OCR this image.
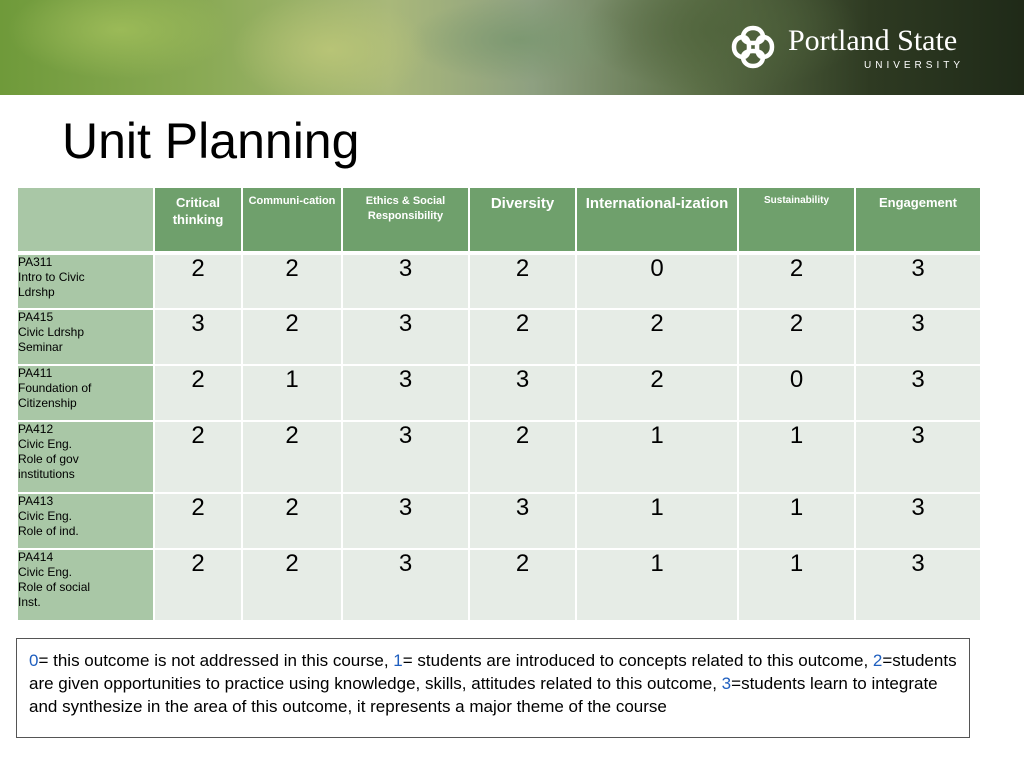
Portland State
UNIVERSITY
Unit Planning
	Critical thinking	Communi-cation	Ethics & Social Responsibility	Diversity	International-ization	Sustainability	Engagement

PA311
Intro to Civic
Ldrshp	2	2	3	2	0	2	3

PA415
Civic Ldrshp
Seminar	3	2	3	2	2	2	3

PA411
Foundation of
Citizenship	2	1	3	3	2	0	3

PA412
Civic Eng.
Role of gov
institutions	2	2	3	2	1	1	3

PA413
Civic Eng.
Role of ind.	2	2	3	3	1	1	3

PA414
Civic Eng.
Role of social
Inst.	2	2	3	2	1	1	3
0= this outcome is not addressed in this course, 1= students are introduced to concepts related to this outcome, 2=students are given opportunities to practice using knowledge, skills, attitudes related to this outcome, 3=students learn to integrate and synthesize in the area of this outcome, it represents a major theme of the course
